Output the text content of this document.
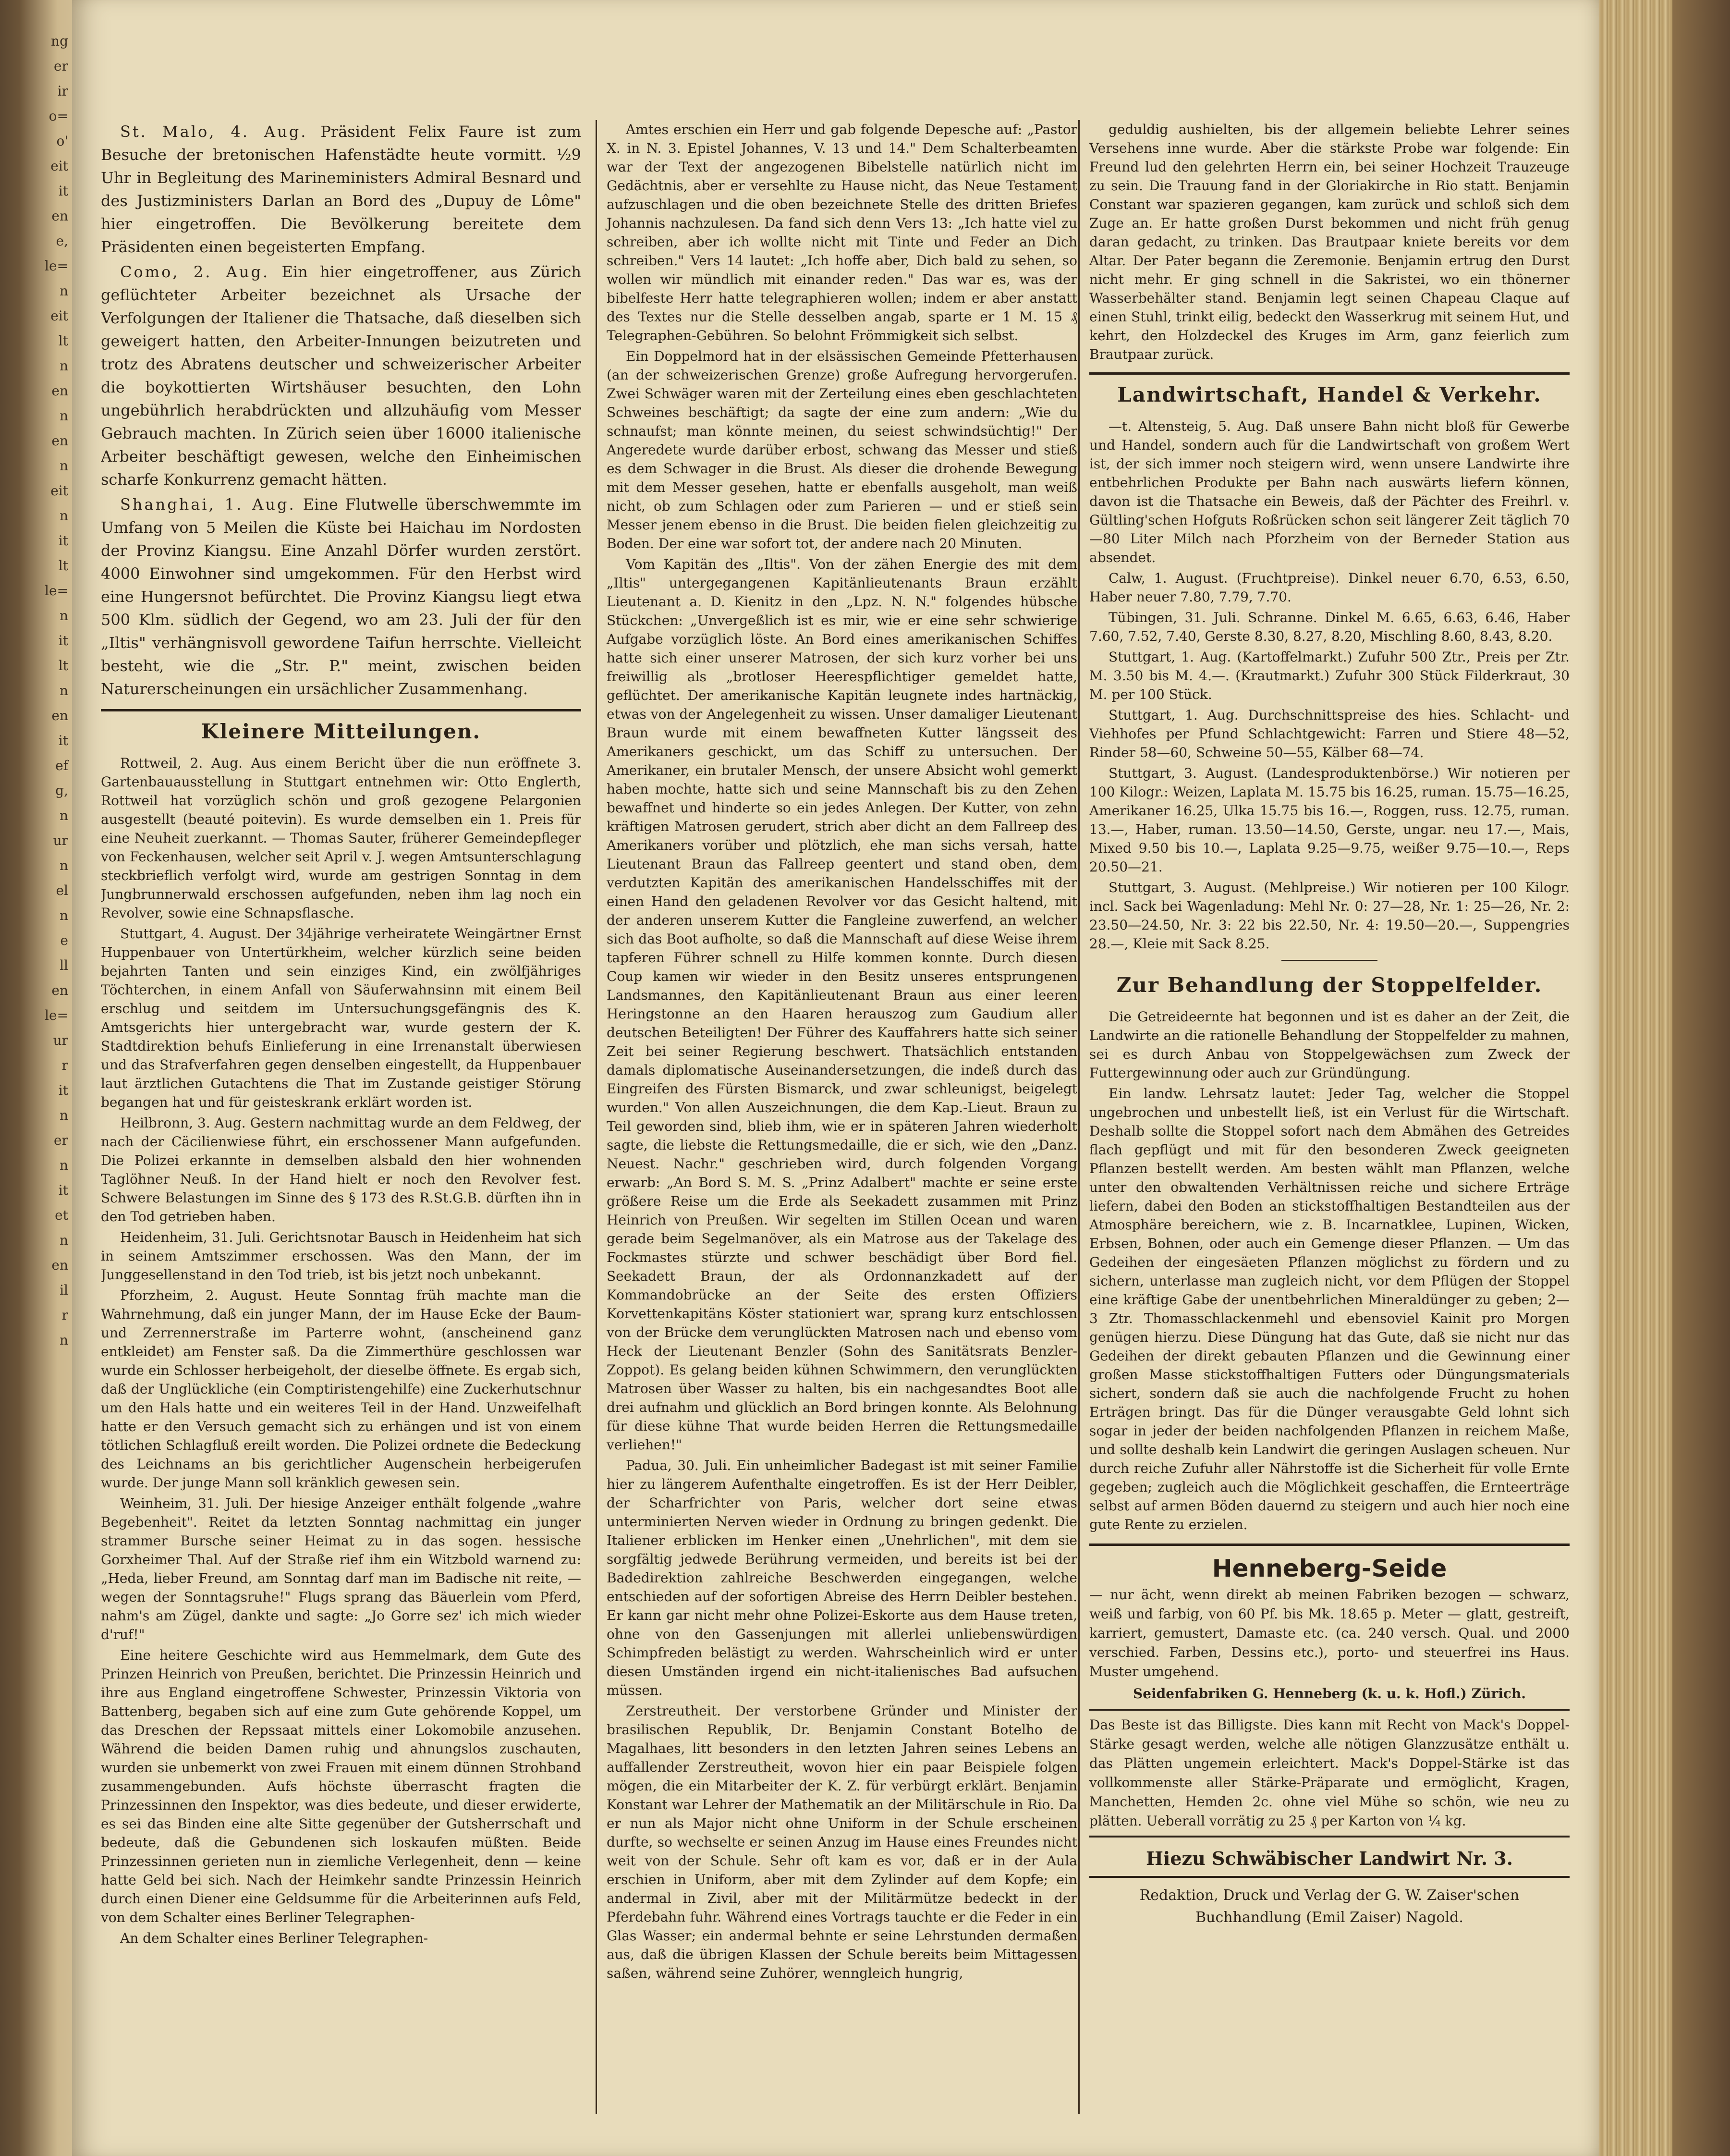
ng
er
ir
o=
o'
eit
it
en
e,
le=
n
eit
lt
n
en
n
en
n
eit
n
it
lt
le=
n
it
lt
n
en
it
ef
g,
n
ur
n
el
n
e
ll
en
le=
ur
r
it
n
er
n
it
et
n
en
il
r
n

St. Malo, 4. Aug. Präsident Felix Faure ist zum Besuche der bretonischen Hafenstädte heute vormitt. ½9 Uhr in Begleitung des Marineministers Admiral Besnard und des Justizministers Darlan an Bord des „Dupuy de Lôme" hier eingetroffen. Die Bevölkerung bereitete dem Präsidenten einen begeisterten Empfang.

Como, 2. Aug. Ein hier eingetroffener, aus Zürich geflüchteter Arbeiter bezeichnet als Ursache der Verfolgungen der Italiener die Thatsache, daß dieselben sich geweigert hatten, den Arbeiter-Innungen beizutreten und trotz des Abratens deutscher und schweizerischer Arbeiter die boykottierten Wirtshäuser besuchten, den Lohn ungebührlich herabdrückten und allzuhäufig vom Messer Gebrauch machten. In Zürich seien über 16000 italienische Arbeiter beschäftigt gewesen, welche den Einheimischen scharfe Konkurrenz gemacht hätten.

Shanghai, 1. Aug. Eine Flutwelle überschwemmte im Umfang von 5 Meilen die Küste bei Haichau im Nordosten der Provinz Kiangsu. Eine Anzahl Dörfer wurden zerstört. 4000 Einwohner sind umgekommen. Für den Herbst wird eine Hungersnot befürchtet. Die Provinz Kiangsu liegt etwa 500 Klm. südlich der Gegend, wo am 23. Juli der für den „Iltis" verhängnisvoll gewordene Taifun herrschte. Vielleicht besteht, wie die „Str. P." meint, zwischen beiden Naturerscheinungen ein ursächlicher Zusammenhang.

Kleinere Mitteilungen.

Rottweil, 2. Aug. Aus einem Bericht über die nun eröffnete 3. Gartenbauausstellung in Stuttgart entnehmen wir: Otto Englerth, Rottweil hat vorzüglich schön und groß gezogene Pelargonien ausgestellt (beauté poitevin). Es wurde demselben ein 1. Preis für eine Neuheit zuerkannt. — Thomas Sauter, früherer Gemeindepfleger von Feckenhausen, welcher seit April v. J. wegen Amtsunterschlagung steckbrieflich verfolgt wird, wurde am gestrigen Sonntag in dem Jungbrunnerwald erschossen aufgefunden, neben ihm lag noch ein Revolver, sowie eine Schnapsflasche.

Stuttgart, 4. August. Der 34jährige verheiratete Weingärtner Ernst Huppenbauer von Untertürkheim, welcher kürzlich seine beiden bejahrten Tanten und sein einziges Kind, ein zwölfjähriges Töchterchen, in einem Anfall von Säuferwahnsinn mit einem Beil erschlug und seitdem im Untersuchungsgefängnis des K. Amtsgerichts hier untergebracht war, wurde gestern der K. Stadtdirektion behufs Einlieferung in eine Irrenanstalt überwiesen und das Strafverfahren gegen denselben eingestellt, da Huppenbauer laut ärztlichen Gutachtens die That im Zustande geistiger Störung begangen hat und für geisteskrank erklärt worden ist.

Heilbronn, 3. Aug. Gestern nachmittag wurde an dem Feldweg, der nach der Cäcilienwiese führt, ein erschossener Mann aufgefunden. Die Polizei erkannte in demselben alsbald den hier wohnenden Taglöhner Neuß. In der Hand hielt er noch den Revolver fest. Schwere Belastungen im Sinne des § 173 des R.St.G.B. dürften ihn in den Tod getrieben haben.

Heidenheim, 31. Juli. Gerichtsnotar Bausch in Heidenheim hat sich in seinem Amtszimmer erschossen. Was den Mann, der im Junggesellenstand in den Tod trieb, ist bis jetzt noch unbekannt.

Pforzheim, 2. August. Heute Sonntag früh machte man die Wahrnehmung, daß ein junger Mann, der im Hause Ecke der Baum- und Zerrennerstraße im Parterre wohnt, (anscheinend ganz entkleidet) am Fenster saß. Da die Zimmerthüre geschlossen war wurde ein Schlosser herbeigeholt, der dieselbe öffnete. Es ergab sich, daß der Unglückliche (ein Comptiristengehilfe) eine Zuckerhutschnur um den Hals hatte und ein weiteres Teil in der Hand. Unzweifelhaft hatte er den Versuch gemacht sich zu erhängen und ist von einem tötlichen Schlagfluß ereilt worden. Die Polizei ordnete die Bedeckung des Leichnams an bis gerichtlicher Augenschein herbeigerufen wurde. Der junge Mann soll kränklich gewesen sein.

Weinheim, 31. Juli. Der hiesige Anzeiger enthält folgende „wahre Begebenheit". Reitet da letzten Sonntag nachmittag ein junger strammer Bursche seiner Heimat zu in das sogen. hessische Gorxheimer Thal. Auf der Straße rief ihm ein Witzbold warnend zu: „Heda, lieber Freund, am Sonntag darf man im Badische nit reite, — wegen der Sonntagsruhe!" Flugs sprang das Bäuerlein vom Pferd, nahm's am Zügel, dankte und sagte: „Jo Gorre sez' ich mich wieder d'ruf!"

Eine heitere Geschichte wird aus Hemmelmark, dem Gute des Prinzen Heinrich von Preußen, berichtet. Die Prinzessin Heinrich und ihre aus England eingetroffene Schwester, Prinzessin Viktoria von Battenberg, begaben sich auf eine zum Gute gehörende Koppel, um das Dreschen der Repssaat mittels einer Lokomobile anzusehen. Während die beiden Damen ruhig und ahnungslos zuschauten, wurden sie unbemerkt von zwei Frauen mit einem dünnen Strohband zusammengebunden. Aufs höchste überrascht fragten die Prinzessinnen den Inspektor, was dies bedeute, und dieser erwiderte, es sei das Binden eine alte Sitte gegenüber der Gutsherrschaft und bedeute, daß die Gebundenen sich loskaufen müßten. Beide Prinzessinnen gerieten nun in ziemliche Verlegenheit, denn — keine hatte Geld bei sich. Nach der Heimkehr sandte Prinzessin Heinrich durch einen Diener eine Geldsumme für die Arbeiterinnen aufs Feld, von dem Schalter eines Berliner Telegraphen-

An dem Schalter eines Berliner Telegraphen-

Amtes erschien ein Herr und gab folgende Depesche auf: „Pastor X. in N. 3. Epistel Johannes, V. 13 und 14." Dem Schalterbeamten war der Text der angezogenen Bibelstelle natürlich nicht im Gedächtnis, aber er versehlte zu Hause nicht, das Neue Testament aufzuschlagen und die oben bezeichnete Stelle des dritten Briefes Johannis nachzulesen. Da fand sich denn Vers 13: „Ich hatte viel zu schreiben, aber ich wollte nicht mit Tinte und Feder an Dich schreiben." Vers 14 lautet: „Ich hoffe aber, Dich bald zu sehen, so wollen wir mündlich mit einander reden." Das war es, was der bibelfeste Herr hatte telegraphieren wollen; indem er aber anstatt des Textes nur die Stelle desselben angab, sparte er 1 M. 15 ₰ Telegraphen-Gebühren. So belohnt Frömmigkeit sich selbst.

Ein Doppelmord hat in der elsässischen Gemeinde Pfetterhausen (an der schweizerischen Grenze) große Aufregung hervorgerufen. Zwei Schwäger waren mit der Zerteilung eines eben geschlachteten Schweines beschäftigt; da sagte der eine zum andern: „Wie du schnaufst; man könnte meinen, du seiest schwindsüchtig!" Der Angeredete wurde darüber erbost, schwang das Messer und stieß es dem Schwager in die Brust. Als dieser die drohende Bewegung mit dem Messer gesehen, hatte er ebenfalls ausgeholt, man weiß nicht, ob zum Schlagen oder zum Parieren — und er stieß sein Messer jenem ebenso in die Brust. Die beiden fielen gleichzeitig zu Boden. Der eine war sofort tot, der andere nach 20 Minuten.

Vom Kapitän des „Iltis". Von der zähen Energie des mit dem „Iltis" untergegangenen Kapitänlieutenants Braun erzählt Lieutenant a. D. Kienitz in den „Lpz. N. N." folgendes hübsche Stückchen: „Unvergeßlich ist es mir, wie er eine sehr schwierige Aufgabe vorzüglich löste. An Bord eines amerikanischen Schiffes hatte sich einer unserer Matrosen, der sich kurz vorher bei uns freiwillig als „brotloser Heerespflichtiger gemeldet hatte, geflüchtet. Der amerikanische Kapitän leugnete indes hartnäckig, etwas von der Angelegenheit zu wissen. Unser damaliger Lieutenant Braun wurde mit einem bewaffneten Kutter längsseit des Amerikaners geschickt, um das Schiff zu untersuchen. Der Amerikaner, ein brutaler Mensch, der unsere Absicht wohl gemerkt haben mochte, hatte sich und seine Mannschaft bis zu den Zehen bewaffnet und hinderte so ein jedes Anlegen. Der Kutter, von zehn kräftigen Matrosen gerudert, strich aber dicht an dem Fallreep des Amerikaners vorüber und plötzlich, ehe man sichs versah, hatte Lieutenant Braun das Fallreep geentert und stand oben, dem verdutzten Kapitän des amerikanischen Handelsschiffes mit der einen Hand den geladenen Revolver vor das Gesicht haltend, mit der anderen unserem Kutter die Fangleine zuwerfend, an welcher sich das Boot aufholte, so daß die Mannschaft auf diese Weise ihrem tapferen Führer schnell zu Hilfe kommen konnte. Durch diesen Coup kamen wir wieder in den Besitz unseres entsprungenen Landsmannes, den Kapitänlieutenant Braun aus einer leeren Heringstonne an den Haaren herauszog zum Gaudium aller deutschen Beteiligten! Der Führer des Kauffahrers hatte sich seiner Zeit bei seiner Regierung beschwert. Thatsächlich entstanden damals diplomatische Auseinandersetzungen, die indeß durch das Eingreifen des Fürsten Bismarck, und zwar schleunigst, beigelegt wurden." Von allen Auszeichnungen, die dem Kap.-Lieut. Braun zu Teil geworden sind, blieb ihm, wie er in späteren Jahren wiederholt sagte, die liebste die Rettungsmedaille, die er sich, wie den „Danz. Neuest. Nachr." geschrieben wird, durch folgenden Vorgang erwarb: „An Bord S. M. S. „Prinz Adalbert" machte er seine erste größere Reise um die Erde als Seekadett zusammen mit Prinz Heinrich von Preußen. Wir segelten im Stillen Ocean und waren gerade beim Segelmanöver, als ein Matrose aus der Takelage des Fockmastes stürzte und schwer beschädigt über Bord fiel. Seekadett Braun, der als Ordonnanzkadett auf der Kommandobrücke an der Seite des ersten Offiziers Korvettenkapitäns Köster stationiert war, sprang kurz entschlossen von der Brücke dem verunglückten Matrosen nach und ebenso vom Heck der Lieutenant Benzler (Sohn des Sanitätsrats Benzler-Zoppot). Es gelang beiden kühnen Schwimmern, den verunglückten Matrosen über Wasser zu halten, bis ein nachgesandtes Boot alle drei aufnahm und glücklich an Bord bringen konnte. Als Belohnung für diese kühne That wurde beiden Herren die Rettungsmedaille verliehen!"

Padua, 30. Juli. Ein unheimlicher Badegast ist mit seiner Familie hier zu längerem Aufenthalte eingetroffen. Es ist der Herr Deibler, der Scharfrichter von Paris, welcher dort seine etwas unterminierten Nerven wieder in Ordnung zu bringen gedenkt. Die Italiener erblicken im Henker einen „Unehrlichen", mit dem sie sorgfältig jedwede Berührung vermeiden, und bereits ist bei der Badedirektion zahlreiche Beschwerden eingegangen, welche entschieden auf der sofortigen Abreise des Herrn Deibler bestehen. Er kann gar nicht mehr ohne Polizei-Eskorte aus dem Hause treten, ohne von den Gassenjungen mit allerlei unliebenswürdigen Schimpfreden belästigt zu werden. Wahrscheinlich wird er unter diesen Umständen irgend ein nicht-italienisches Bad aufsuchen müssen.

Zerstreutheit. Der verstorbene Gründer und Minister der brasilischen Republik, Dr. Benjamin Constant Botelho de Magalhaes, litt besonders in den letzten Jahren seines Lebens an auffallender Zerstreutheit, wovon hier ein paar Beispiele folgen mögen, die ein Mitarbeiter der K. Z. für verbürgt erklärt. Benjamin Konstant war Lehrer der Mathematik an der Militärschule in Rio. Da er nun als Major nicht ohne Uniform in der Schule erscheinen durfte, so wechselte er seinen Anzug im Hause eines Freundes nicht weit von der Schule. Sehr oft kam es vor, daß er in der Aula erschien in Uniform, aber mit dem Zylinder auf dem Kopfe; ein andermal in Zivil, aber mit der Militärmütze bedeckt in der Pferdebahn fuhr. Während eines Vortrags tauchte er die Feder in ein Glas Wasser; ein andermal behnte er seine Lehrstunden dermaßen aus, daß die übrigen Klassen der Schule bereits beim Mittagessen saßen, während seine Zuhörer, wenngleich hungrig,

geduldig aushielten, bis der allgemein beliebte Lehrer seines Versehens inne wurde. Aber die stärkste Probe war folgende: Ein Freund lud den gelehrten Herrn ein, bei seiner Hochzeit Trauzeuge zu sein. Die Trauung fand in der Gloriakirche in Rio statt. Benjamin Constant war spazieren gegangen, kam zurück und schloß sich dem Zuge an. Er hatte großen Durst bekommen und nicht früh genug daran gedacht, zu trinken. Das Brautpaar kniete bereits vor dem Altar. Der Pater begann die Zeremonie. Benjamin ertrug den Durst nicht mehr. Er ging schnell in die Sakristei, wo ein thönerner Wasserbehälter stand. Benjamin legt seinen Chapeau Claque auf einen Stuhl, trinkt eilig, bedeckt den Wasserkrug mit seinem Hut, und kehrt, den Holzdeckel des Kruges im Arm, ganz feierlich zum Brautpaar zurück.

Landwirtschaft, Handel & Verkehr.

—t. Altensteig, 5. Aug. Daß unsere Bahn nicht bloß für Gewerbe und Handel, sondern auch für die Landwirtschaft von großem Wert ist, der sich immer noch steigern wird, wenn unsere Landwirte ihre entbehrlichen Produkte per Bahn nach auswärts liefern können, davon ist die Thatsache ein Beweis, daß der Pächter des Freihrl. v. Gültling'schen Hofguts Roßrücken schon seit längerer Zeit täglich 70—80 Liter Milch nach Pforzheim von der Berneder Station aus absendet.

Calw, 1. August. (Fruchtpreise). Dinkel neuer 6.70, 6.53, 6.50, Haber neuer 7.80, 7.79, 7.70.

Tübingen, 31. Juli. Schranne. Dinkel M. 6.65, 6.63, 6.46, Haber 7.60, 7.52, 7.40, Gerste 8.30, 8.27, 8.20, Mischling 8.60, 8.43, 8.20.

Stuttgart, 1. Aug. (Kartoffelmarkt.) Zufuhr 500 Ztr., Preis per Ztr. M. 3.50 bis M. 4.—. (Krautmarkt.) Zufuhr 300 Stück Filderkraut, 30 M. per 100 Stück.

Stuttgart, 1. Aug. Durchschnittspreise des hies. Schlacht- und Viehhofes per Pfund Schlachtgewicht: Farren und Stiere 48—52, Rinder 58—60, Schweine 50—55, Kälber 68—74.

Stuttgart, 3. August. (Landesproduktenbörse.) Wir notieren per 100 Kilogr.: Weizen, Laplata M. 15.75 bis 16.25, ruman. 15.75—16.25, Amerikaner 16.25, Ulka 15.75 bis 16.—, Roggen, russ. 12.75, ruman. 13.—, Haber, ruman. 13.50—14.50, Gerste, ungar. neu 17.—, Mais, Mixed 9.50 bis 10.—, Laplata 9.25—9.75, weißer 9.75—10.—, Reps 20.50—21.

Stuttgart, 3. August. (Mehlpreise.) Wir notieren per 100 Kilogr. incl. Sack bei Wagenladung: Mehl Nr. 0: 27—28, Nr. 1: 25—26, Nr. 2: 23.50—24.50, Nr. 3: 22 bis 22.50, Nr. 4: 19.50—20.—, Suppengries 28.—, Kleie mit Sack 8.25.

Zur Behandlung der Stoppelfelder.

Die Getreideernte hat begonnen und ist es daher an der Zeit, die Landwirte an die rationelle Behandlung der Stoppelfelder zu mahnen, sei es durch Anbau von Stoppelgewächsen zum Zweck der Futtergewinnung oder auch zur Gründüngung.

Ein landw. Lehrsatz lautet: Jeder Tag, welcher die Stoppel ungebrochen und unbestellt ließ, ist ein Verlust für die Wirtschaft. Deshalb sollte die Stoppel sofort nach dem Abmähen des Getreides flach gepflügt und mit für den besonderen Zweck geeigneten Pflanzen bestellt werden. Am besten wählt man Pflanzen, welche unter den obwaltenden Verhältnissen reiche und sichere Erträge liefern, dabei den Boden an stickstoffhaltigen Bestandteilen aus der Atmosphäre bereichern, wie z. B. Incarnatklee, Lupinen, Wicken, Erbsen, Bohnen, oder auch ein Gemenge dieser Pflanzen. — Um das Gedeihen der eingesäeten Pflanzen möglichst zu fördern und zu sichern, unterlasse man zugleich nicht, vor dem Pflügen der Stoppel eine kräftige Gabe der unentbehrlichen Mineraldünger zu geben; 2—3 Ztr. Thomasschlackenmehl und ebensoviel Kainit pro Morgen genügen hierzu. Diese Düngung hat das Gute, daß sie nicht nur das Gedeihen der direkt gebauten Pflanzen und die Gewinnung einer großen Masse stickstoffhaltigen Futters oder Düngungsmaterials sichert, sondern daß sie auch die nachfolgende Frucht zu hohen Erträgen bringt. Das für die Dünger verausgabte Geld lohnt sich sogar in jeder der beiden nachfolgenden Pflanzen in reichem Maße, und sollte deshalb kein Landwirt die geringen Auslagen scheuen. Nur durch reiche Zufuhr aller Nährstoffe ist die Sicherheit für volle Ernte gegeben; zugleich auch die Möglichkeit geschaffen, die Ernteerträge selbst auf armen Böden dauernd zu steigern und auch hier noch eine gute Rente zu erzielen.

Henneberg-Seide
— nur ächt, wenn direkt ab meinen Fabriken bezogen — schwarz, weiß und farbig, von 60 Pf. bis Mk. 18.65 p. Meter — glatt, gestreift, karriert, gemustert, Damaste etc. (ca. 240 versch. Qual. und 2000 verschied. Farben, Dessins etc.), porto- und steuerfrei ins Haus. Muster umgehend.
Seidenfabriken G. Henneberg (k. u. k. Hofl.) Zürich.
Das Beste ist das Billigste. Dies kann mit Recht von Mack's Doppel-Stärke gesagt werden, welche alle nötigen Glanzzusätze enthält u. das Plätten ungemein erleichtert. Mack's Doppel-Stärke ist das vollkommenste aller Stärke-Präparate und ermöglicht, Kragen, Manchetten, Hemden 2c. ohne viel Mühe so schön, wie neu zu plätten. Ueberall vorrätig zu 25 ₰ per Karton von ¼ kg.
Hiezu Schwäbischer Landwirt Nr. 3.
Redaktion, Druck und Verlag der G. W. Zaiser'schen Buchhandlung (Emil Zaiser) Nagold.
